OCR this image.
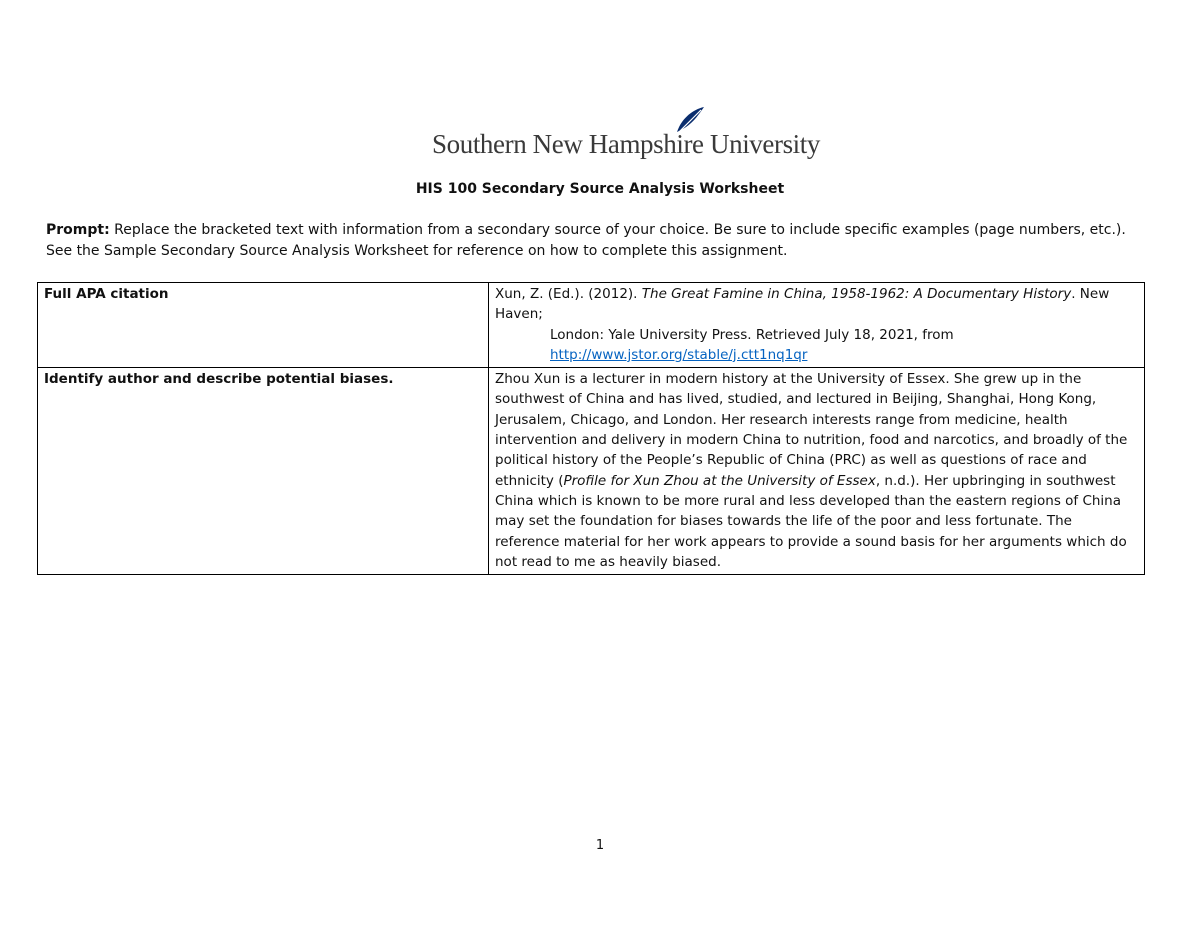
Southern New Hampshire University
HIS 100 Secondary Source Analysis Worksheet
Prompt: Replace the bracketed text with information from a secondary source of your choice. Be sure to include specific examples (page numbers, etc.). See the Sample Secondary Source Analysis Worksheet for reference on how to complete this assignment.
Full APA citation	Xun, Z. (Ed.). (2012). The Great Famine in China, 1958-1962: A Documentary History. New Haven;
London: Yale University Press. Retrieved July 18, 2021, from
http://www.jstor.org/stable/j.ctt1nq1qr

Identify author and describe potential biases.	Zhou Xun is a lecturer in modern history at the University of Essex. She grew up in the southwest of China and has lived, studied, and lectured in Beijing, Shanghai, Hong Kong, Jerusalem, Chicago, and London. Her research interests range from medicine, health intervention and delivery in modern China to nutrition, food and narcotics, and broadly of the political history of the People’s Republic of China (PRC) as well as questions of race and ethnicity (Profile for Xun Zhou at the University of Essex, n.d.). Her upbringing in southwest China which is known to be more rural and less developed than the eastern regions of China may set the foundation for biases towards the life of the poor and less fortunate. The reference material for her work appears to provide a sound basis for her arguments which do not read to me as heavily biased.
1
